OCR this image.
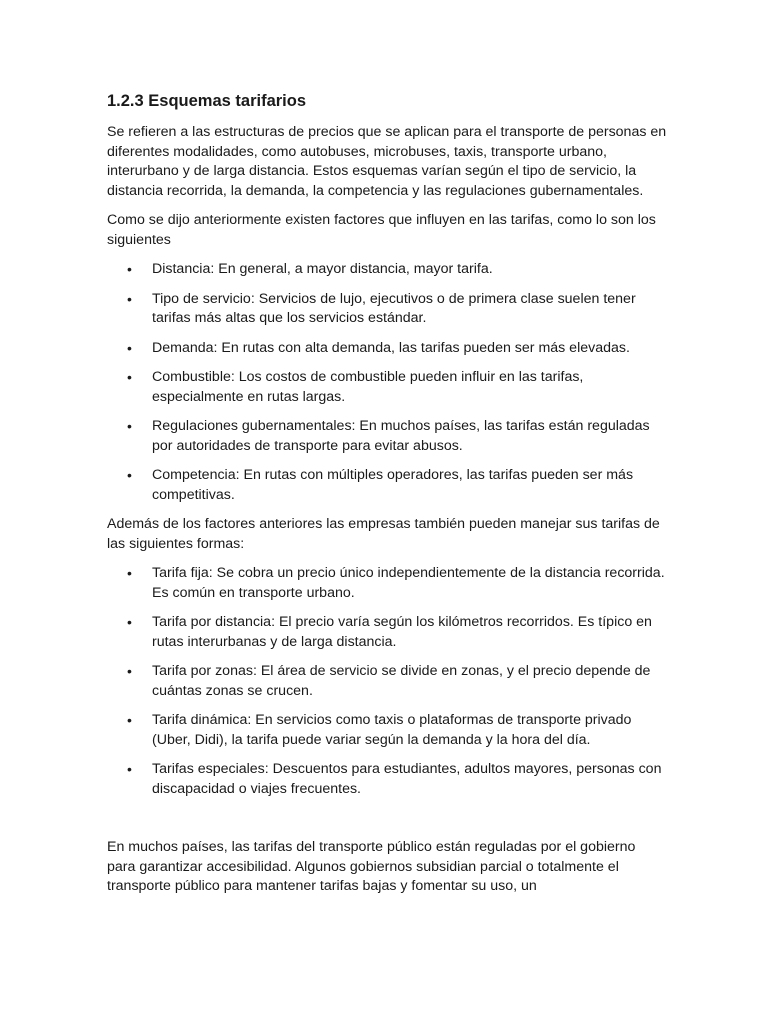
1.2.3 Esquemas tarifarios

Se refieren a las estructuras de precios que se aplican para el transporte de personas en diferentes modalidades, como autobuses, microbuses, taxis, transporte urbano, interurbano y de larga distancia. Estos esquemas varían según el tipo de servicio, la distancia recorrida, la demanda, la competencia y las regulaciones gubernamentales.

Como se dijo anteriormente existen factores que influyen en las tarifas, como lo son los siguientes

• Distancia: En general, a mayor distancia, mayor tarifa.
• Tipo de servicio: Servicios de lujo, ejecutivos o de primera clase suelen tener tarifas más altas que los servicios estándar.
• Demanda: En rutas con alta demanda, las tarifas pueden ser más elevadas.
• Combustible: Los costos de combustible pueden influir en las tarifas, especialmente en rutas largas.
• Regulaciones gubernamentales: En muchos países, las tarifas están reguladas por autoridades de transporte para evitar abusos.
• Competencia: En rutas con múltiples operadores, las tarifas pueden ser más competitivas.

Además de los factores anteriores las empresas también pueden manejar sus tarifas de las siguientes formas:

• Tarifa fija: Se cobra un precio único independientemente de la distancia recorrida. Es común en transporte urbano.
• Tarifa por distancia: El precio varía según los kilómetros recorridos. Es típico en rutas interurbanas y de larga distancia.
• Tarifa por zonas: El área de servicio se divide en zonas, y el precio depende de cuántas zonas se crucen.
• Tarifa dinámica: En servicios como taxis o plataformas de transporte privado (Uber, Didi), la tarifa puede variar según la demanda y la hora del día.
• Tarifas especiales: Descuentos para estudiantes, adultos mayores, personas con discapacidad o viajes frecuentes.

En muchos países, las tarifas del transporte público están reguladas por el gobierno para garantizar accesibilidad. Algunos gobiernos subsidian parcial o totalmente el transporte público para mantener tarifas bajas y fomentar su uso, un
